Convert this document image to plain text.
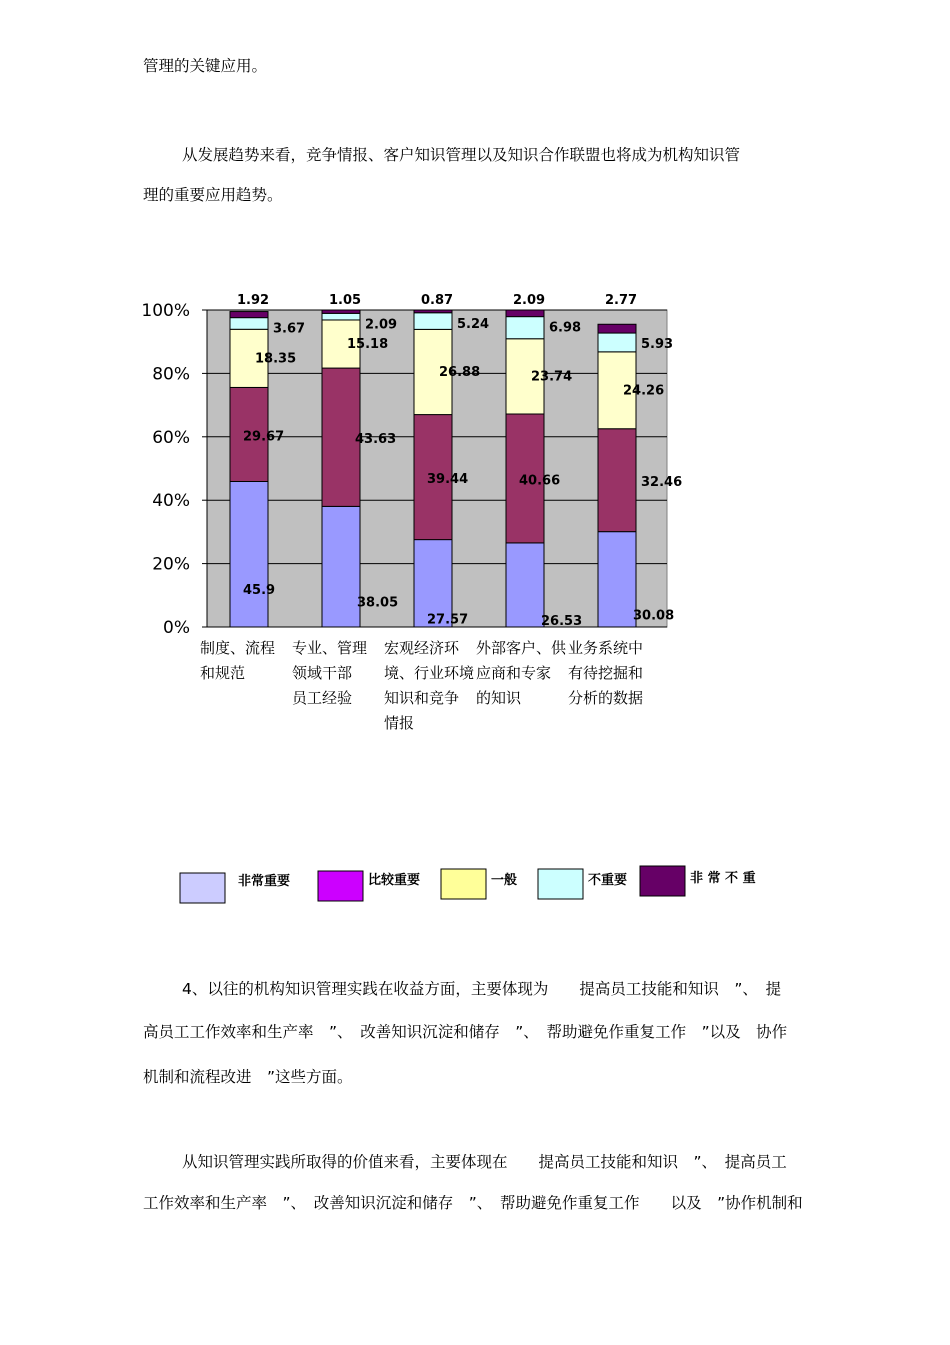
管理的关键应用。
从发展趋势来看，竞争情报、客户知识管理以及知识合作联盟也将成为机构知识管
理的重要应用趋势。
0%
20%
40%
60%
80%
100%
45.9
29.67
18.35
3.67
1.92
制度、流程
和规范
38.05
43.63
15.18
2.09
1.05
专业、管理
领域干部
员工经验
27.57
39.44
26.88
5.24
0.87
宏观经济环
境、行业环境
知识和竞争
情报
26.53
40.66
23.74
6.98
2.09
外部客户、供
应商和专家
的知识
30.08
32.46
24.26
5.93
2.77
业务系统中
有待挖掘和
分析的数据
非常重要	比较重要	一般	不重要	非 常 不 重
4、以往的机构知识管理实践在收益方面，主要体现为　　提高员工技能和知识　”、　提
高员工工作效率和生产率　”、　改善知识沉淀和储存　”、　帮助避免作重复工作　”以及　协作
机制和流程改进　”这些方面。
从知识管理实践所取得的价值来看，主要体现在　　提高员工技能和知识　”、　提高员工
工作效率和生产率　”、　改善知识沉淀和储存　”、　帮助避免作重复工作　　以及　”协作机制和
